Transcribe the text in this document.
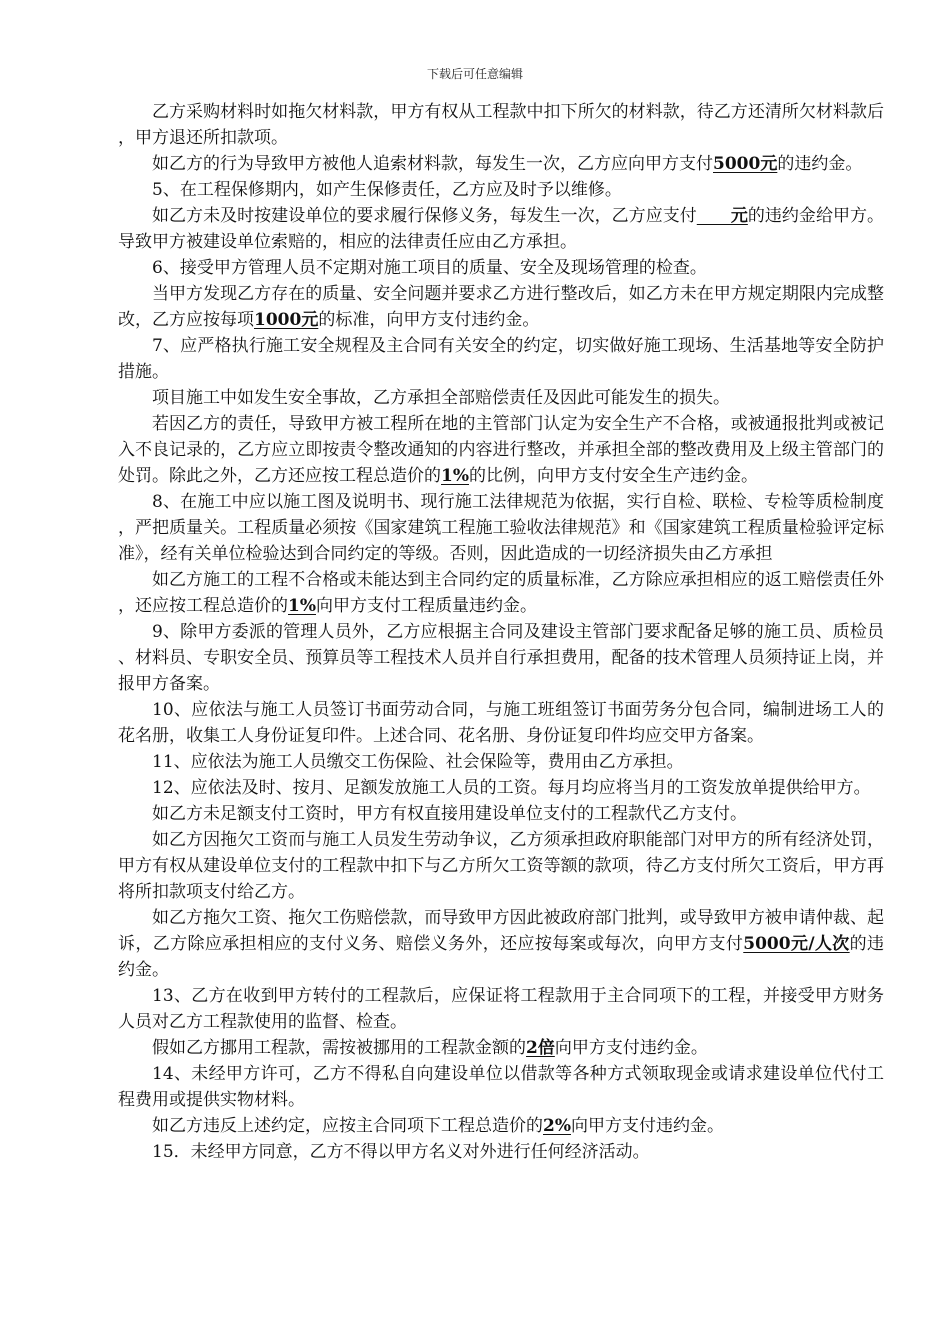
下载后可任意编辑

乙方采购材料时如拖欠材料款，甲方有权从工程款中扣下所欠的材料款，待乙方还清所欠材料款后，甲方退还所扣款项。

如乙方的行为导致甲方被他人追索材料款，每发生一次，乙方应向甲方支付5000元的违约金。

5、在工程保修期内，如产生保修责任，乙方应及时予以维修。

如乙方未及时按建设单位的要求履行保修义务，每发生一次，乙方应支付　　元的违约金给甲方。导致甲方被建设单位索赔的，相应的法律责任应由乙方承担。

6、接受甲方管理人员不定期对施工项目的质量、安全及现场管理的检查。

当甲方发现乙方存在的质量、安全问题并要求乙方进行整改后，如乙方未在甲方规定期限内完成整改，乙方应按每项1000元的标准，向甲方支付违约金。

7、应严格执行施工安全规程及主合同有关安全的约定，切实做好施工现场、生活基地等安全防护措施。

项目施工中如发生安全事故，乙方承担全部赔偿责任及因此可能发生的损失。

若因乙方的责任，导致甲方被工程所在地的主管部门认定为安全生产不合格，或被通报批判或被记入不良记录的，乙方应立即按责令整改通知的内容进行整改，并承担全部的整改费用及上级主管部门的处罚。除此之外，乙方还应按工程总造价的1%的比例，向甲方支付安全生产违约金。

8、在施工中应以施工图及说明书、现行施工法律规范为依据，实行自检、联检、专检等质检制度，严把质量关。工程质量必须按《国家建筑工程施工验收法律规范》和《国家建筑工程质量检验评定标准》，经有关单位检验达到合同约定的等级。否则，因此造成的一切经济损失由乙方承担

如乙方施工的工程不合格或未能达到主合同约定的质量标准，乙方除应承担相应的返工赔偿责任外，还应按工程总造价的1%向甲方支付工程质量违约金。

9、除甲方委派的管理人员外，乙方应根据主合同及建设主管部门要求配备足够的施工员、质检员、材料员、专职安全员、预算员等工程技术人员并自行承担费用，配备的技术管理人员须持证上岗，并报甲方备案。

10、应依法与施工人员签订书面劳动合同，与施工班组签订书面劳务分包合同，编制进场工人的花名册，收集工人身份证复印件。上述合同、花名册、身份证复印件均应交甲方备案。

11、应依法为施工人员缴交工伤保险、社会保险等，费用由乙方承担。

12、应依法及时、按月、足额发放施工人员的工资。每月均应将当月的工资发放单提供给甲方。

如乙方未足额支付工资时，甲方有权直接用建设单位支付的工程款代乙方支付。

如乙方因拖欠工资而与施工人员发生劳动争议，乙方须承担政府职能部门对甲方的所有经济处罚，甲方有权从建设单位支付的工程款中扣下与乙方所欠工资等额的款项，待乙方支付所欠工资后，甲方再将所扣款项支付给乙方。

如乙方拖欠工资、拖欠工伤赔偿款，而导致甲方因此被政府部门批判，或导致甲方被申请仲裁、起诉，乙方除应承担相应的支付义务、赔偿义务外，还应按每案或每次，向甲方支付5000元/人次的违约金。

13、乙方在收到甲方转付的工程款后，应保证将工程款用于主合同项下的工程，并接受甲方财务人员对乙方工程款使用的监督、检查。

假如乙方挪用工程款，需按被挪用的工程款金额的2倍向甲方支付违约金。

14、未经甲方许可，乙方不得私自向建设单位以借款等各种方式领取现金或请求建设单位代付工程费用或提供实物材料。

如乙方违反上述约定，应按主合同项下工程总造价的2%向甲方支付违约金。

15．未经甲方同意，乙方不得以甲方名义对外进行任何经济活动。
